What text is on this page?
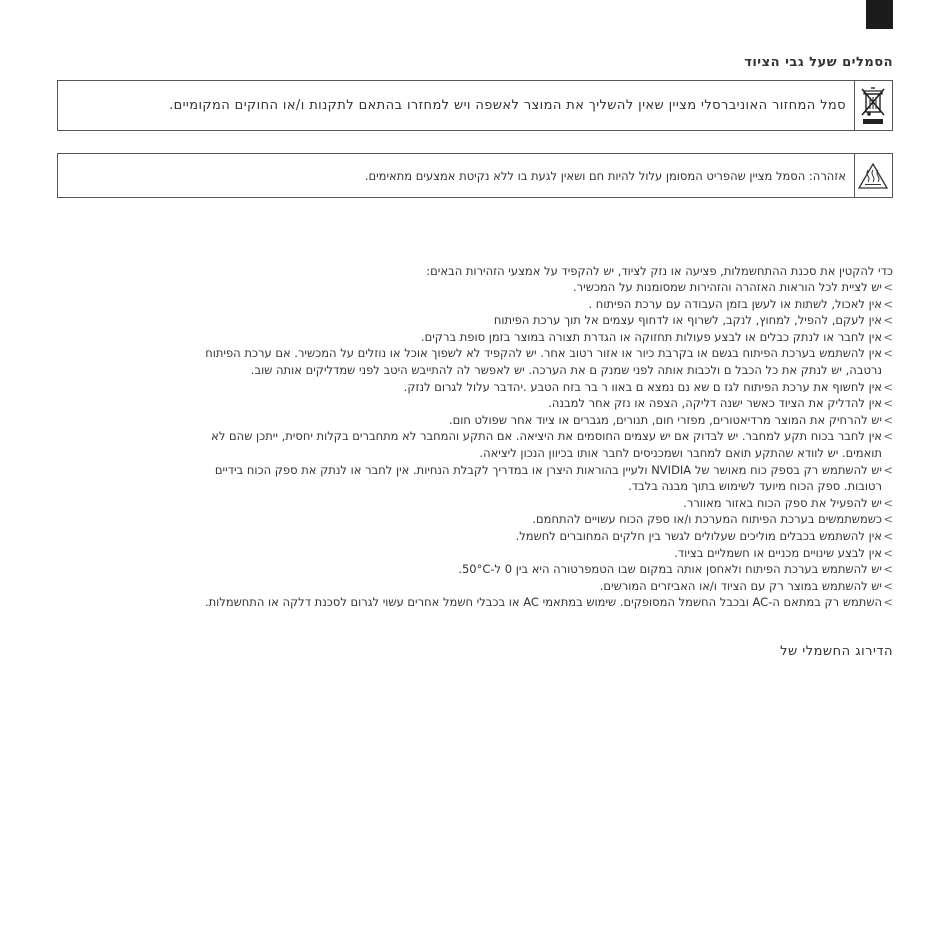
הסמלים שעל גבי הציוד
סמל המחזור האוניברסלי מציין שאין להשליך את המוצר לאשפה ויש למחזרו בהתאם לתקנות ו/או החוקים המקומיים.
אזהרה: הסמל מציין שהפריט המסומן עלול להיות חם ושאין לגעת בו ללא נקיטת אמצעים מתאימים.
כדי להקטין את סכנת ההתחשמלות, פציעה או נזק לציוד, יש להקפיד על אמצעי הזהירות הבאים:
> יש לציית לכל הוראות האזהרה והזהירות שמסומנות על המכשיר.
> אין לאכול, לשתות או לעשן בזמן העבודה עם ערכת הפיתוח .
> אין לעקם, להפיל, למחוץ, לנקב, לשרוף או לדחוף עצמים אל תוך ערכת הפיתוח
> אין לחבר או לנתק כבלים או לבצע פעולות תחזוקה או הגדרת תצורה במוצר בזמן סופת ברקים.
> אין להשתמש בערכת הפיתוח בגשם או בקרבת כיור או אזור רטוב אחר. יש להקפיד לא לשפוך אוכל או נוזלים על המכשיר. אם ערכת הפיתוח נרטבה, יש לנתק את כל הכבל ם ולכבות אותה לפני שמנק ם את הערכה. יש לאפשר לה להתייבש היטב לפני שמדליקים אותה שוב.
> אין לחשוף את ערכת הפיתוח לגז ם שא נם נמצא ם באוו ר בר בזח הטבע .יהדבר עלול לגרום לנזק.
> אין להדליק את הציוד כאשר ישנה דליקה, הצפה או נזק אחר למבנה.
> יש להרחיק את המוצר מרדיאטורים, מפזרי חום, תנורים, מגברים או ציוד אחר שפולט חום.
> אין לחבר בכוח תקע למחבר. יש לבדוק אם יש עצמים החוסמים את היציאה. אם התקע והמחבר לא מתחברים בקלות יחסית, ייתכן שהם לא תואמים. יש לוודא שהתקע תואם למחבר ושמכניסים לחבר אותו בכיוון הנכון ליציאה.
> יש להשתמש רק בספק כוח מאושר של NVIDIA ולעיין בהוראות היצרן או במדריך לקבלת הנחיות. אין לחבר או לנתק את ספק הכוח בידיים רטובות. ספק הכוח מיועד לשימוש בתוך מבנה בלבד.
> יש להפעיל את ספק הכוח באזור מאוורר.
> כשמשתמשים בערכת הפיתוח המערכת ו/או ספק הכוח עשויים להתחמם.
> אין להשתמש בכבלים מוליכים שעלולים לגשר בין חלקים המחוברים לחשמל.
> אין לבצע שינויים מכניים או חשמליים בציוד.
> יש להשתמש בערכת הפיתוח ולאחסן אותה במקום שבו הטמפרטורה היא בין 0 ל-50°C.
> יש להשתמש במוצר רק עם הציוד ו/או האביזרים המורשים.
> השתמש רק במתאם ה-AC ובכבל החשמל המסופקים. שימוש במתאמי AC או בכבלי חשמל אחרים עשוי לגרום לסכנת דלקה או התחשמלות.
הדירוג החשמלי של
